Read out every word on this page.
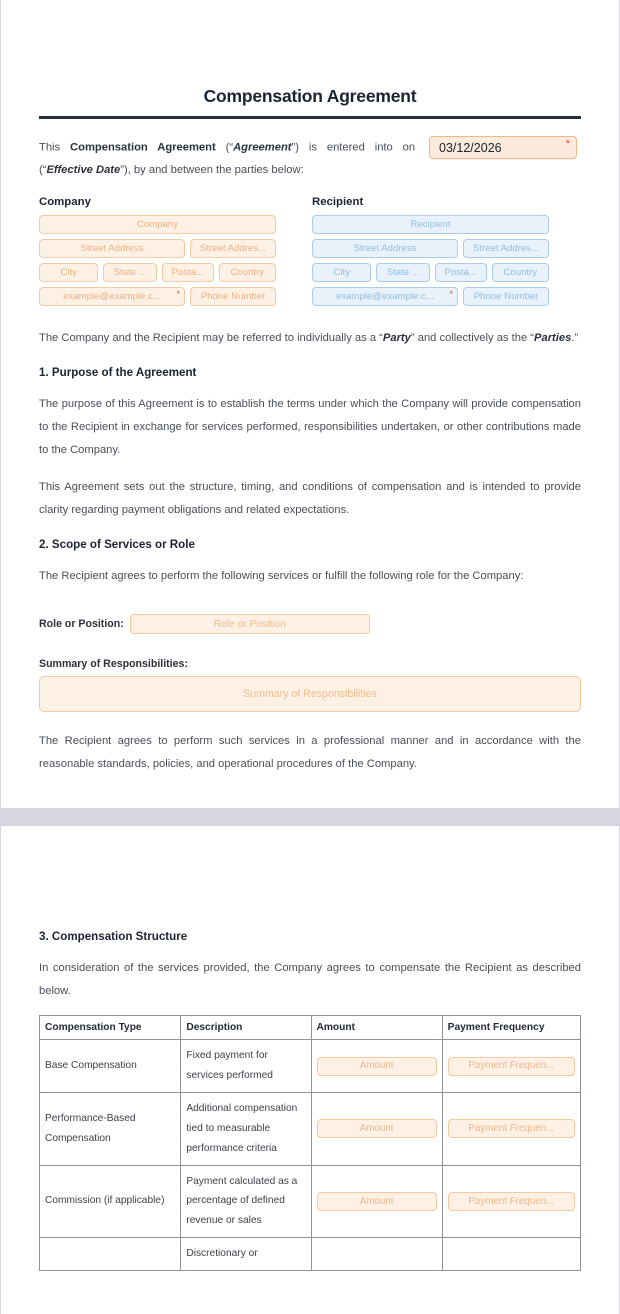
Compensation Agreement

This Compensation Agreement (“Agreement”) is entered into on 03/12/2026	*
(“Effective Date”), by and between the parties below:

Company
Company
Street Address	Street Addres...
City	State ...	Posta...	Country
example@example.c...	*	Phone Number
Recipient
Recipient
Street Address	Street Addres...
City	State ...	Posta...	Country
example@example.c...	*	Phone Number

The Company and the Recipient may be referred to individually as a “Party” and collectively as the “Parties.”

1. Purpose of the Agreement

The purpose of this Agreement is to establish the terms under which the Company will provide compensation to the Recipient in exchange for services performed, responsibilities undertaken, or other contributions made to the Company.

This Agreement sets out the structure, timing, and conditions of compensation and is intended to provide clarity regarding payment obligations and related expectations.

2. Scope of Services or Role

The Recipient agrees to perform the following services or fulfill the following role for the Company:

Role or Position:	Role or Position
Summary of Responsibilities:
Summary of Responsibilities

The Recipient agrees to perform such services in a professional manner and in accordance with the reasonable standards, policies, and operational procedures of the Company.

3. Compensation Structure

In consideration of the services provided, the Company agrees to compensate the Recipient as described below.

Compensation Type	Description	Amount	Payment Frequency
Base Compensation	Fixed payment for services performed	Amount	Payment Frequen...

Performance-Based Compensation	Additional compensation tied to measurable performance criteria	Amount	Payment Frequen...

Commission (if applicable)	Payment calculated as a percentage of defined revenue or sales	Amount	Payment Frequen...

	Discretionary or		
